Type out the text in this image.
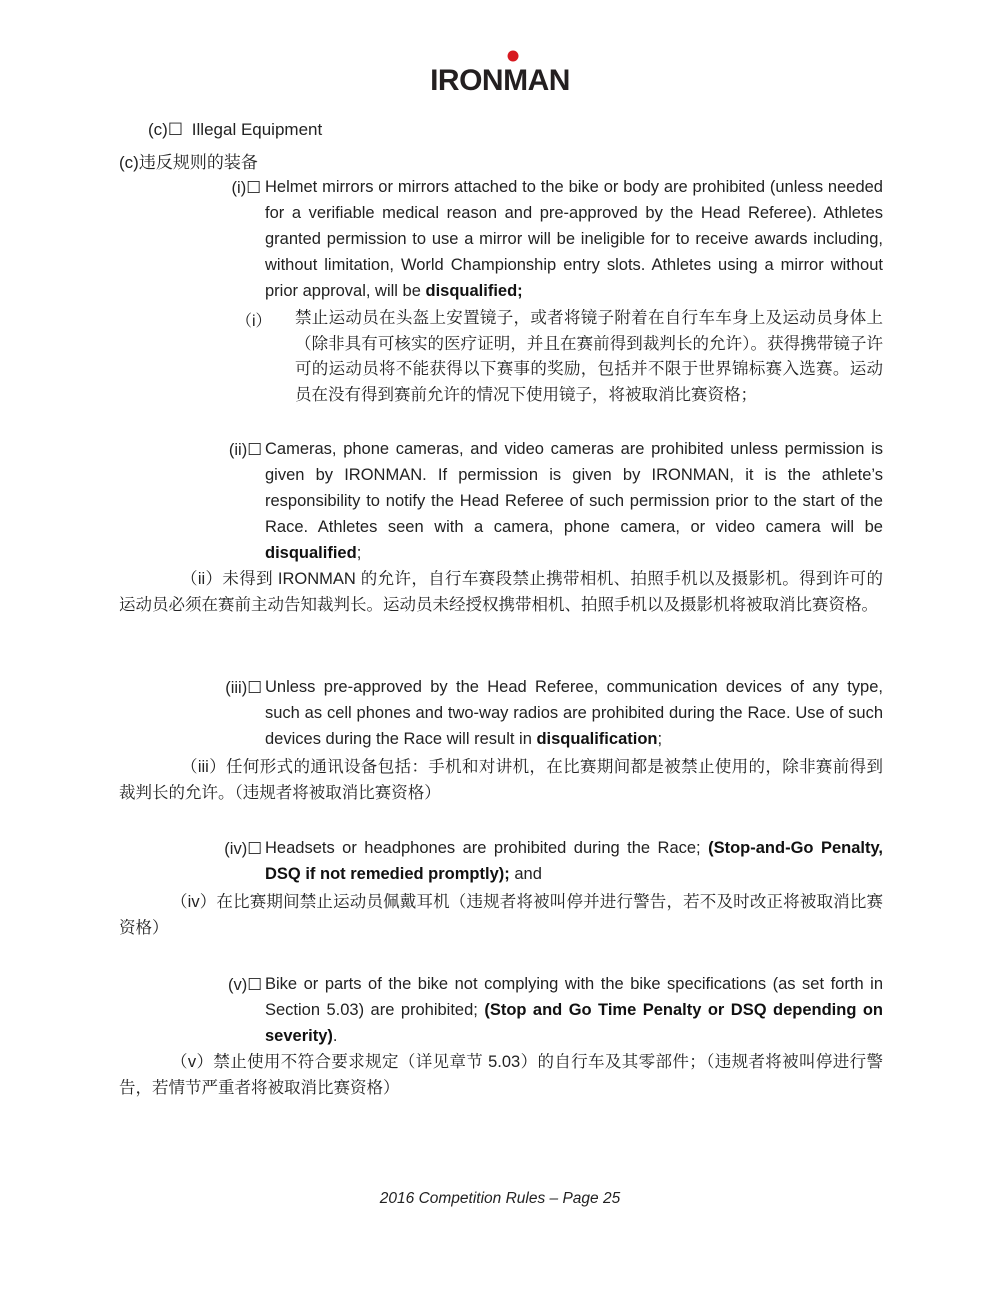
IRONMAN
(c)☐ Illegal Equipment
(c)违反规则的装备
(i)☐ Helmet mirrors or mirrors attached to the bike or body are prohibited (unless needed for a verifiable medical reason and pre-approved by the Head Referee). Athletes granted permission to use a mirror will be ineligible for to receive awards including, without limitation, World Championship entry slots. Athletes using a mirror without prior approval, will be disqualified;
（i） 禁止运动员在头盔上安置镜子，或者将镜子附着在自行车车身上及运动员身体上（除非具有可核实的医疗证明，并且在赛前得到裁判长的允许）。获得携带镜子许可的运动员将不能获得以下赛事的奖励，包括并不限于世界锦标赛入选赛。运动员在没有得到赛前允许的情况下使用镜子，将被取消比赛资格；
(ii)☐ Cameras, phone cameras, and video cameras are prohibited unless permission is given by IRONMAN. If permission is given by IRONMAN, it is the athlete’s responsibility to notify the Head Referee of such permission prior to the start of the Race. Athletes seen with a camera, phone camera, or video camera will be disqualified;
（ii）未得到 IRONMAN 的允许，自行车赛段禁止携带相机、拍照手机以及摄影机。得到许可的运动员必须在赛前主动告知裁判长。运动员未经授权携带相机、拍照手机以及摄影机将被取消比赛资格。
(iii)☐ Unless pre-approved by the Head Referee, communication devices of any type, such as cell phones and two-way radios are prohibited during the Race. Use of such devices during the Race will result in disqualification;
（iii）任何形式的通讯设备包括：手机和对讲机，在比赛期间都是被禁止使用的，除非赛前得到裁判长的允许。（违规者将被取消比赛资格）
(iv)☐ Headsets or headphones are prohibited during the Race; (Stop-and-Go Penalty, DSQ if not remedied promptly); and
（iv）在比赛期间禁止运动员佩戴耳机（违规者将被叫停并进行警告，若不及时改正将被取消比赛资格）
(v)☐ Bike or parts of the bike not complying with the bike specifications (as set forth in Section 5.03) are prohibited; (Stop and Go Time Penalty or DSQ depending on severity).
（v）禁止使用不符合要求规定（详见章节 5.03）的自行车及其零部件；（违规者将被叫停进行警告，若情节严重者将被取消比赛资格）
2016 Competition Rules – Page 25
